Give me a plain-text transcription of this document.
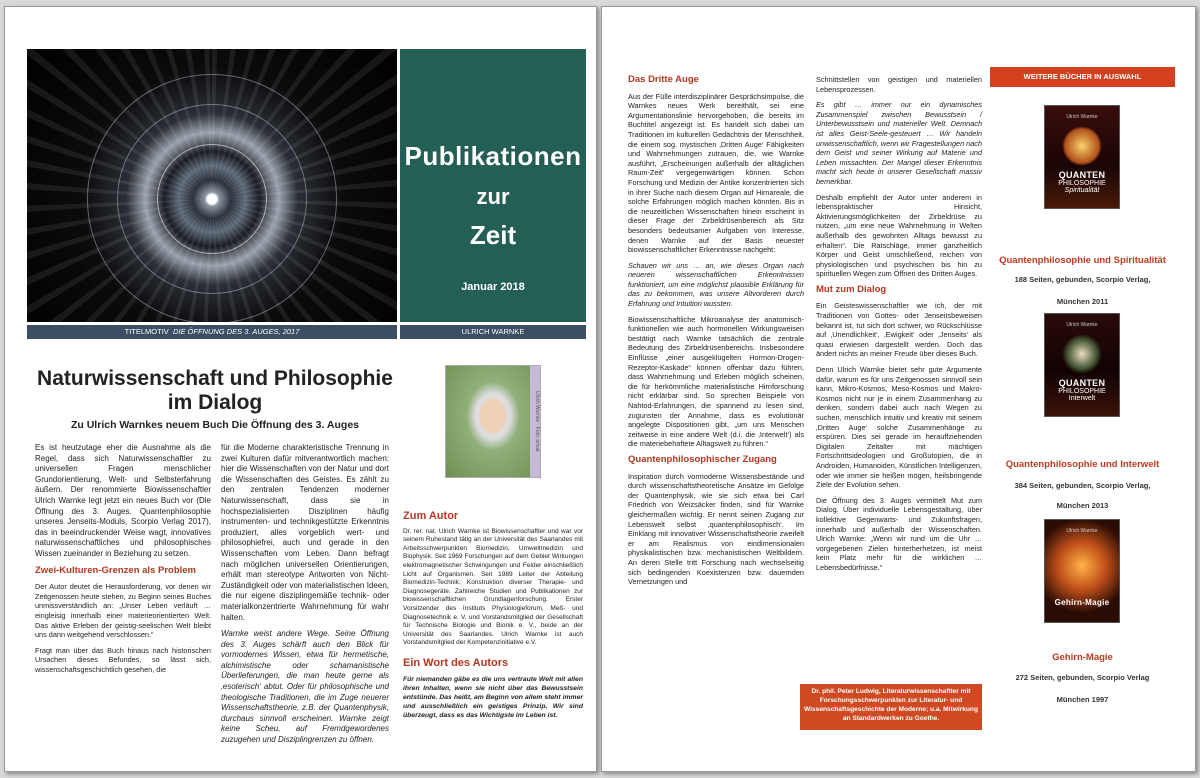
Publikationen
zur
Zeit
Januar 2018
TITELMOTIV DIE ÖFFNUNG DES 3. AUGES, 2017	ULRICH WARNKE
Naturwissenschaft und Philosophie im Dialog
Zu Ulrich Warnkes neuem Buch Die Öffnung des 3. Auges	Ulrich Warnke · Foto: privat

Es ist heutzutage eher die Ausnahme als die Regel, dass sich Naturwissenschaftler zu universellen Fragen menschlicher Grundorientierung, Welt- und Selbsterfahrung äußern. Der renommierte Biowissenschaftler Ulrich Warnke legt jetzt ein neues Buch vor (Die Öffnung des 3. Auges. Quantenphilosophie unseres Jenseits-Moduls, Scorpio Verlag 2017), das in beeindruckender Weise wagt, innovatives naturwissenschaftliches und philosophisches Wissen zueinander in Beziehung zu setzen.

Zwei-Kulturen-Grenzen als Problem

Der Autor deutet die Herausforderung, vor denen wir Zeitgenossen heute stehen, zu Beginn seines Buches unmissverständlich an: „Unser Leben verläuft … eingleisig innerhalb einer materieorientierten Welt. Das aktive Erleben der geistig-seelischen Welt bleibt uns dann weitgehend verschlossen.“

Fragt man über das Buch hinaus nach historischen Ursachen dieses Befundes, so lässt sich, wissenschaftsgeschichtlich gesehen, die

für die Moderne charakteristische Trennung in zwei Kulturen dafür mitverantwortlich machen: hier die Wissenschaften von der Natur und dort die Wissenschaften des Geistes. Es zählt zu den zentralen Tendenzen moderner Naturwissenschaft, dass sie in hochspezialisierten Disziplinen häufig instrumenten- und technikgestützte Erkenntnis produziert, alles vorgeblich wert- und philosophiefrei, auch und gerade in den Wissenschaften vom Leben. Dann befragt nach möglichen universellen Orientierungen, erhält man stereotype Antworten von Nicht-Zuständigkeit oder von materialistischen Ideen, die nur eigene disziplingemäße technik- oder materialkonzentrierte Wahrnehmung für wahr halten.

Warnke weist andere Wege. Seine Öffnung des 3. Auges schärft auch den Blick für vormodernes Wissen, etwa für hermetische, alchimistische oder schamanistische Überlieferungen, die man heute gerne als ‚esoterisch‘ abtut. Oder für philosophische und theologische Traditionen, die im Zuge neuerer Wissenschaftstheorie, z.B. der Quantenphysik, durchaus sinnvoll erscheinen. Warnke zeigt keine Scheu, auf Fremdgewordenes zuzugehen und Disziplingrenzen zu öffnen.

Zum Autor

Dr. rer. nat. Ulrich Warnke ist Biowissenschaftler und war vor seinem Ruhestand tätig an der Universität des Saarlandes mit Arbeitsschwerpunkten Biomedizin, Umweltmedizin und Biophysik. Seit 1969 Forschungen auf dem Gebiet Wirkungen elektromagnetischer Schwingungen und Felder einschließlich Licht auf Organismen. Seit 1989 Leiter der Abteilung Biomedizin-Technik; Konstruktion diverser Therapie- und Diagnosegeräte. Zahlreiche Studien und Publikationen zur biowissenschaftlichen Grundlagenforschung. Erster Vorsitzender des Instituts Physiologieforum, Meß- und Diagnosetechnik e. V. und Vorstandsmitglied der Gesellschaft für Technische Biologie und Bionik e. V., beide an der Universität des Saarlandes. Ulrich Warnke ist auch Vorstandsmitglied der Kompetenzinitiative e.V.

Ein Wort des Autors

Für niemanden gäbe es die uns vertraute Welt mit allen ihren Inhalten, wenn sie nicht über das Bewusstsein entstünde. Das heißt, am Beginn von allem steht immer und ausschließlich ein geistiges Prinzip. Wir sind überzeugt, dass es das Wichtigste im Leben ist.

Das Dritte Auge

Aus der Fülle interdisziplinärer Gesprächsimpulse, die Warnkes neues Werk bereithält, sei eine Argumentationslinie hervorgehoben, die bereits im Buchtitel angezeigt ist. Es handelt sich dabei um Traditionen im kulturellen Gedächtnis der Menschheit, die einem sog. mystischen ‚Dritten Auge‘ Fähigkeiten und Wahrnehmungen zutrauen, die, wie Warnke ausführt, „Erscheinungen außerhalb der alltäglichen Raum-Zeit“ vergegenwärtigen können. Schon Forschung und Medizin der Antike konzentrierten sich in ihrer Suche nach diesem Organ auf Hirnareale, die solche Erfahrungen möglich machen könnten. Bis in die neuzeitlichen Wissenschaften hinein erscheint in dieser Frage der Zirbeldrüsenbereich als Sitz besonders bedeutsamer Aufgaben von Interesse, denen Warnke auf der Basis neuester biowissenschaftlicher Erkenntnisse nachgeht:

Schauen wir uns … an, wie dieses Organ nach neueren wissenschaftlichen Erkenntnissen funktioniert, um eine möglichst plausible Erklärung für das zu bekommen, was unsere Altvorderen durch Erfahrung und Intuition wussten.

Biowissenschaftliche Mikroanalyse der anatomisch-funktionellen wie auch hormonellen Wirkungsweisen bestätigt nach Warnke tatsächlich die zentrale Bedeutung des Zirbeldrüsenbereichs. Insbesondere Einflüsse „einer ausgeklügelten Hormon-Drogen-Rezeptor-Kaskade“ können offenbar dazu führen, dass Wahrnehmung und Erleben möglich scheinen, die für herkömmliche materialistische Hirnforschung nicht erklärbar sind. So sprechen Beispiele von Nahtod-Erfahrungen, die spannend zu lesen sind, zugunsten der Annahme, dass es evolutionär angelegte Dispositionen gibt, „um uns Menschen zeitweise in eine andere Welt (d.i. die ‚Interwelt‘) als die materiebehaftete Alltagswelt zu führen.“

Quantenphilosophischer Zugang

Inspiration durch vormoderne Wissensbestände und durch wissenschaftstheoretische Ansätze im Gefolge der Quantenphysik, wie sie sich etwa bei Carl Friedrich von Weizsäcker finden, sind für Warnke gleichermaßen wichtig. Er nennt seinen Zugang zur Lebenswelt selbst ‚quantenphilosophisch‘. Im Einklang mit innovativer Wissenschaftstheorie zweifelt er am Realismus von eindimensionalen physikalistischen bzw. mechanistischen Weltbildern. An deren Stelle tritt Forschung nach wechselseitig sich bedingenden Koexistenzen bzw. dauernden Vernetzungen und

Schnittstellen von geistigen und materiellen Lebensprozessen.

Es gibt … immer nur ein dynamisches Zusammenspiel zwischen Bewusstsein / Unterbewusstsein und materieller Welt. Demnach ist alles Geist-Seele-gesteuert … Wir handeln unwissenschaftlich, wenn wir Fragestellungen nach dem Geist und seiner Wirkung auf Materie und Leben missachten. Der Mangel dieser Erkenntnis macht sich heute in unserer Gesellschaft massiv bemerkbar.

Deshalb empfiehlt der Autor unter anderem in lebenspraktischer Hinsicht, Aktivierungsmöglichkeiten der Zirbeldrüse zu nutzen, „um eine neue Wahrnehmung in Welten außerhalb des gewohnten Alltags bewusst zu erhalten“. Die Ratschläge, immer ganzheitlich Körper und Geist umschließend, reichen von physiologischen und psychischen bis hin zu spirituellen Wegen zum Öffnen des Dritten Auges.

Mut zum Dialog

Ein Geisteswissenschaftler wie ich, der mit Traditionen von Gottes- oder Jenseitsbeweisen bekannt ist, tut sich dort schwer, wo Rückschlüsse auf ‚Unendlichkeit‘, ‚Ewigkeit‘ oder ‚Jenseits‘ als quasi erwiesen dargestellt werden. Doch das ändert nichts an meiner Freude über dieses Buch.

Denn Ulrich Warnke bietet sehr gute Argumente dafür, warum es für uns Zeitgenossen sinnvoll sein kann, Mikro-Kosmos, Meso-Kosmos und Makro-Kosmos nicht nur je in einem Zusammenhang zu denken, sondern dabei auch nach Wegen zu suchen, menschlich intuitiv und kreativ mit seinem ‚Dritten Auge‘ solche Zusammenhänge zu erspüren. Dies sei gerade im herauffziehenden Digitalen Zeitalter mit mächtigen Fortschrittsideologien und Großutopien, die in Androiden, Humanoiden, Künstlichen Intelligenzen, oder wie immer sie heißen mögen, heilsbringende Ziele der Evolution sehen.

Die Öffnung des 3. Auges vermittelt Mut zum Dialog. Über individuelle Lebensgestaltung, über kollektive Gegenwarts- und Zukunftsfragen, innerhalb und außerhalb der Wissenschaften. Ulrich Warnke: „Wenn wir rund um die Uhr … vorgegebenen Zielen hinterherhetzen, ist meist kein Platz mehr für die wirklichen … Lebensbedürfnisse.“

Dr. phil. Peter Ludwig, Literaturwissenschaftler mit Forschungsschwerpunkten zur Literatur- und Wissenschaftsgeschichte der Moderne; u.a. Mitwirkung an Standardwerken zu Goethe.
WEITERE BÜCHER IN AUSWAHL
Ulrich Warnke
QUANTEN
PHILOSOPHIE
Spiritualität
Quantenphilosophie und Spiritualität
188 Seiten, gebunden, Scorpio Verlag,
München 2011
Ulrich Warnke
QUANTEN
PHILOSOPHIE
Interwelt
Quantenphilosophie und Interwelt
384 Seiten, gebunden, Scorpio Verlag,
München 2013
Ulrich Warnke
Gehirn-Magie
Gehirn-Magie
272 Seiten, gebunden, Scorpio Verlag
München 1997
